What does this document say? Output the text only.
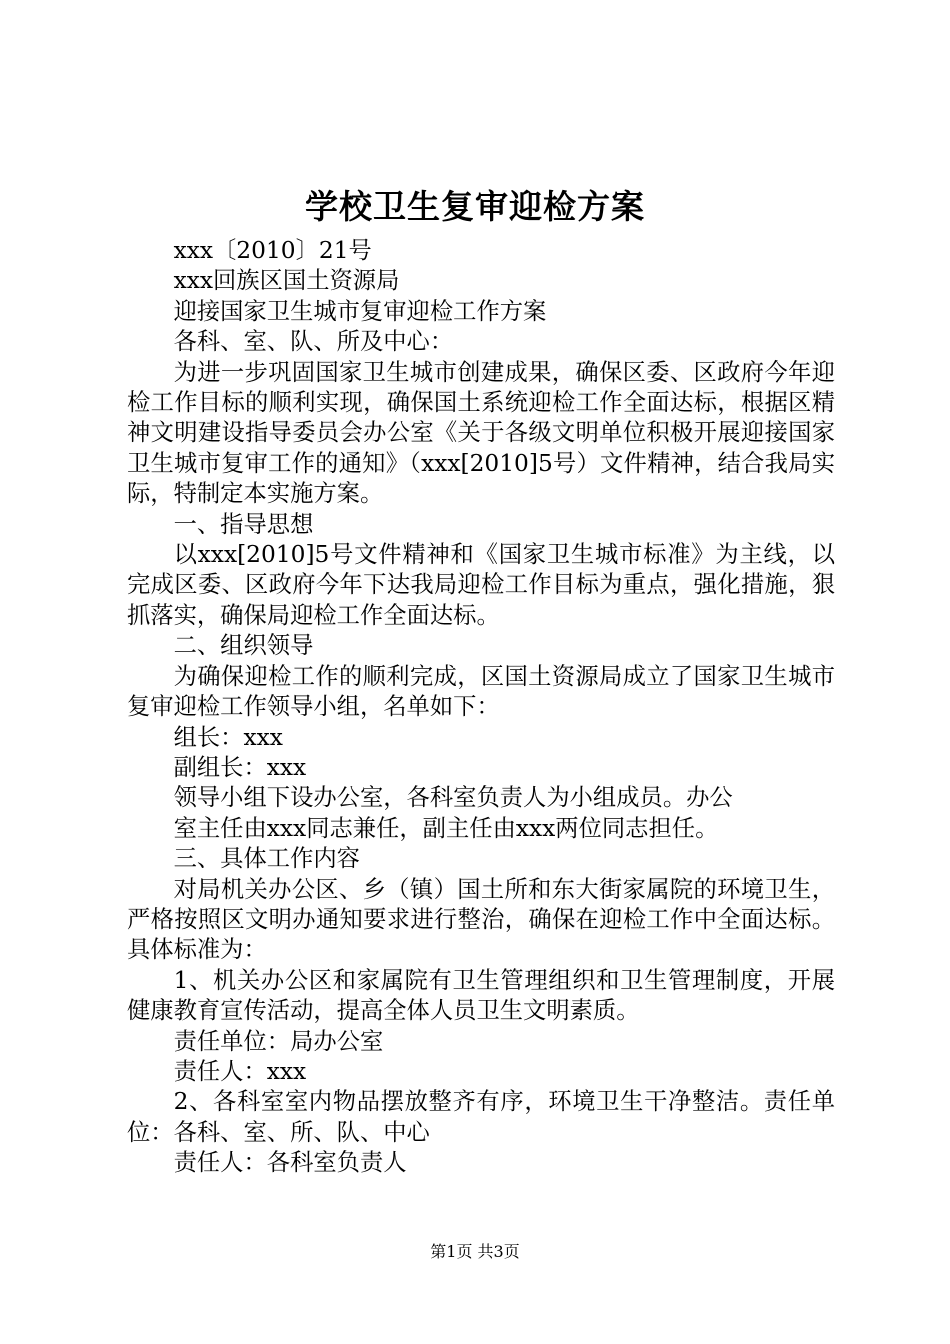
学校卫生复审迎检方案

xxx〔2010〕21号

xxx回族区国土资源局

迎接国家卫生城市复审迎检工作方案

各科、室、队、所及中心：

为进一步巩固国家卫生城市创建成果，确保区委、区政府今年迎检工作目标的顺利实现，确保国土系统迎检工作全面达标，根据区精神文明建设指导委员会办公室《关于各级文明单位积极开展迎接国家卫生城市复审工作的通知》（xxx[2010]5号）文件精神，结合我局实际，特制定本实施方案。

一、指导思想

以xxx[2010]5号文件精神和《国家卫生城市标准》为主线，以完成区委、区政府今年下达我局迎检工作目标为重点，强化措施，狠抓落实，确保局迎检工作全面达标。

二、组织领导

为确保迎检工作的顺利完成，区国土资源局成立了国家卫生城市复审迎检工作领导小组，名单如下：

组长：xxx

副组长：xxx

领导小组下设办公室，各科室负责人为小组成员。办公

室主任由xxx同志兼任，副主任由xxx两位同志担任。

三、具体工作内容

对局机关办公区、乡（镇）国土所和东大街家属院的环境卫生，严格按照区文明办通知要求进行整治，确保在迎检工作中全面达标。具体标准为：

1、机关办公区和家属院有卫生管理组织和卫生管理制度，开展健康教育宣传活动，提高全体人员卫生文明素质。

责任单位：局办公室

责任人：xxx

2、各科室室内物品摆放整齐有序，环境卫生干净整洁。责任单位：各科、室、所、队、中心

责任人：各科室负责人

第1页 共3页
